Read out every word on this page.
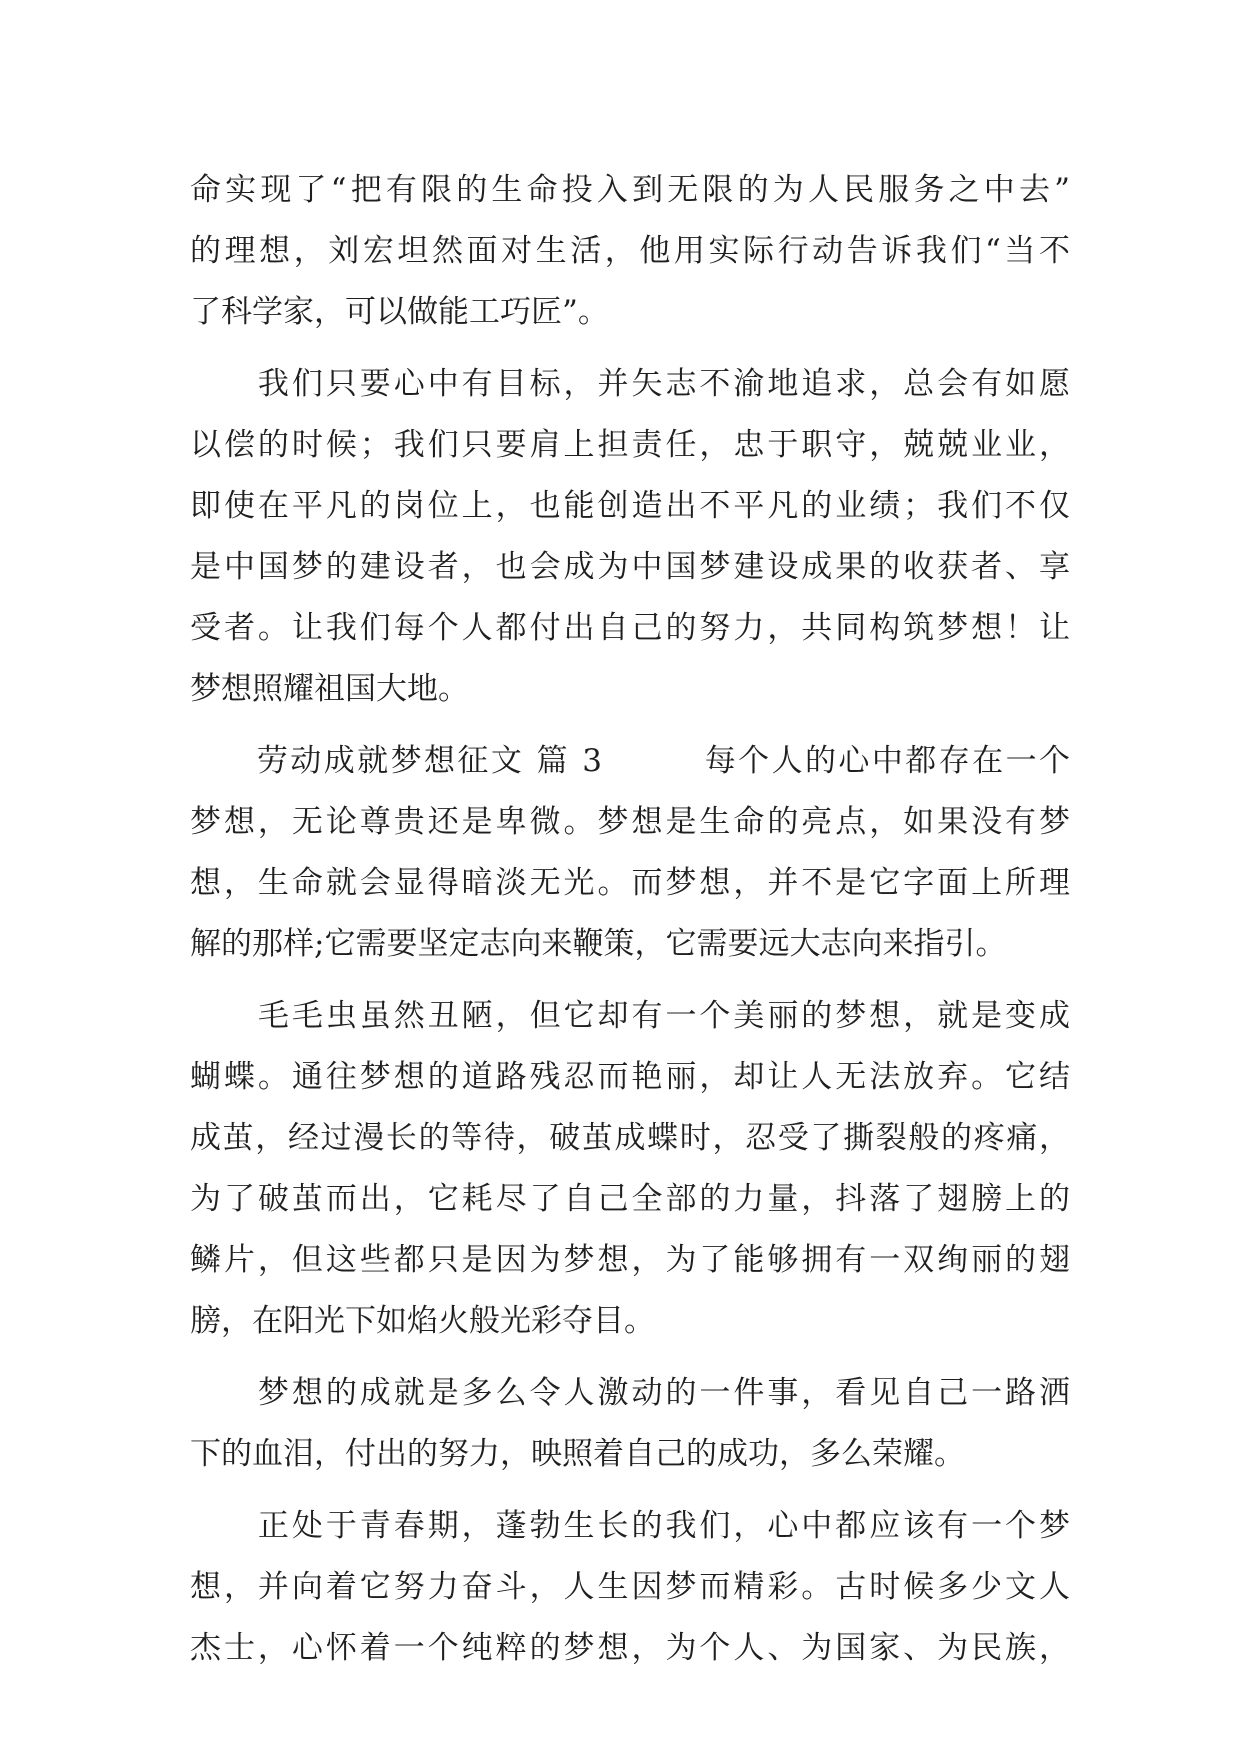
命实现了“把有限的生命投入到无限的为人民服务之中去”
的理想，刘宏坦然面对生活，他用实际行动告诉我们“当不
了科学家，可以做能工巧匠”。
　　我们只要心中有目标，并矢志不渝地追求，总会有如愿
以偿的时候；我们只要肩上担责任，忠于职守，兢兢业业，
即使在平凡的岗位上，也能创造出不平凡的业绩；我们不仅
是中国梦的建设者，也会成为中国梦建设成果的收获者、享
受者。让我们每个人都付出自己的努力，共同构筑梦想！让
梦想照耀祖国大地。
　　劳动成就梦想征文 篇 3　　　每个人的心中都存在一个
梦想，无论尊贵还是卑微。梦想是生命的亮点，如果没有梦
想，生命就会显得暗淡无光。而梦想，并不是它字面上所理
解的那样;它需要坚定志向来鞭策，它需要远大志向来指引。
　　毛毛虫虽然丑陋，但它却有一个美丽的梦想，就是变成
蝴蝶。通往梦想的道路残忍而艳丽，却让人无法放弃。它结
成茧，经过漫长的等待，破茧成蝶时，忍受了撕裂般的疼痛，
为了破茧而出，它耗尽了自己全部的力量，抖落了翅膀上的
鳞片，但这些都只是因为梦想，为了能够拥有一双绚丽的翅
膀，在阳光下如焰火般光彩夺目。
　　梦想的成就是多么令人激动的一件事，看见自己一路洒
下的血泪，付出的努力，映照着自己的成功，多么荣耀。
　　正处于青春期，蓬勃生长的我们，心中都应该有一个梦
想，并向着它努力奋斗，人生因梦而精彩。古时候多少文人
杰士，心怀着一个纯粹的梦想，为个人、为国家、为民族，
